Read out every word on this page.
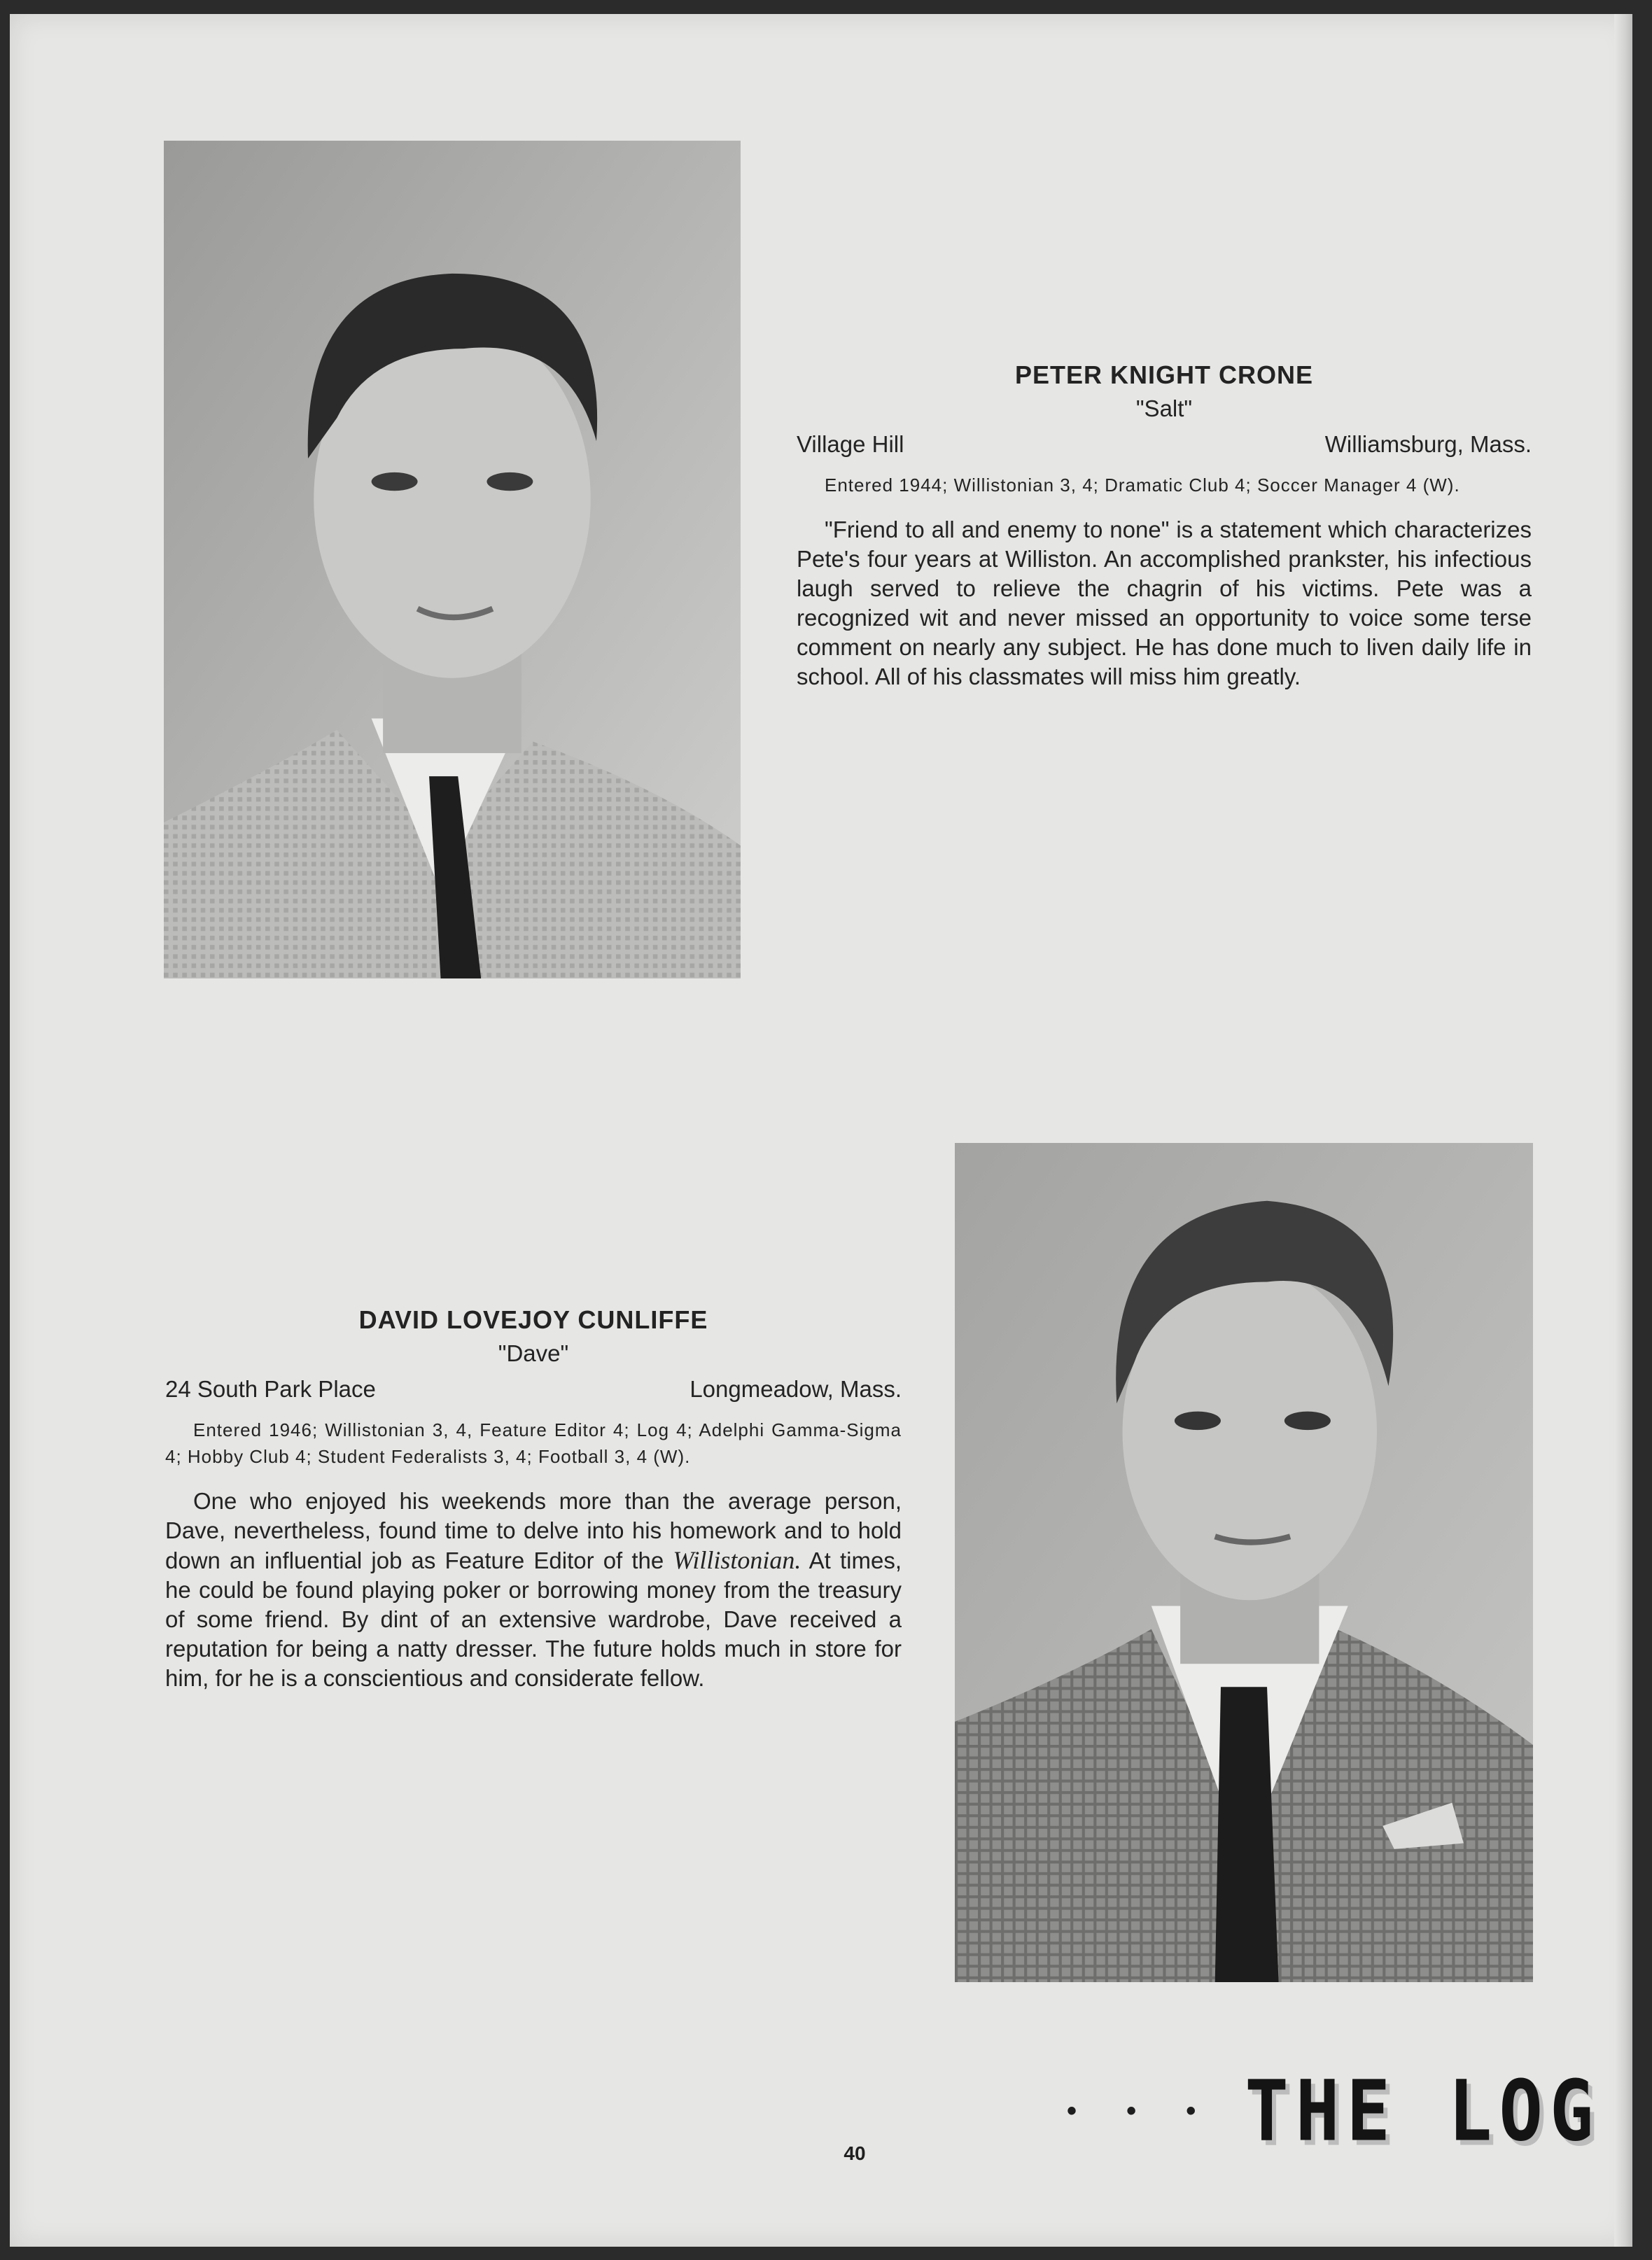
PETER KNIGHT CRONE

"Salt"

Village Hill	Williamsburg, Mass.

Entered 1944; Willistonian 3, 4; Dramatic Club 4; Soccer Manager 4 (W).

"Friend to all and enemy to none" is a statement which characterizes Pete's four years at Williston. An accomplished prankster, his infectious laugh served to relieve the chagrin of his victims. Pete was a recognized wit and never missed an opportunity to voice some terse comment on nearly any subject. He has done much to liven daily life in school. All of his classmates will miss him greatly.

DAVID LOVEJOY CUNLIFFE

"Dave"

24 South Park Place	Longmeadow, Mass.

Entered 1946; Willistonian 3, 4, Feature Editor 4; Log 4; Adelphi Gamma-Sigma 4; Hobby Club 4; Student Federalists 3, 4; Football 3, 4 (W).

One who enjoyed his weekends more than the average person, Dave, nevertheless, found time to delve into his homework and to hold down an influential job as Feature Editor of the Willistonian. At times, he could be found playing poker or borrowing money from the treasury of some friend. By dint of an extensive wardrobe, Dave received a reputation for being a natty dresser. The future holds much in store for him, for he is a conscientious and considerate fellow.

• • • THE LOG
40
